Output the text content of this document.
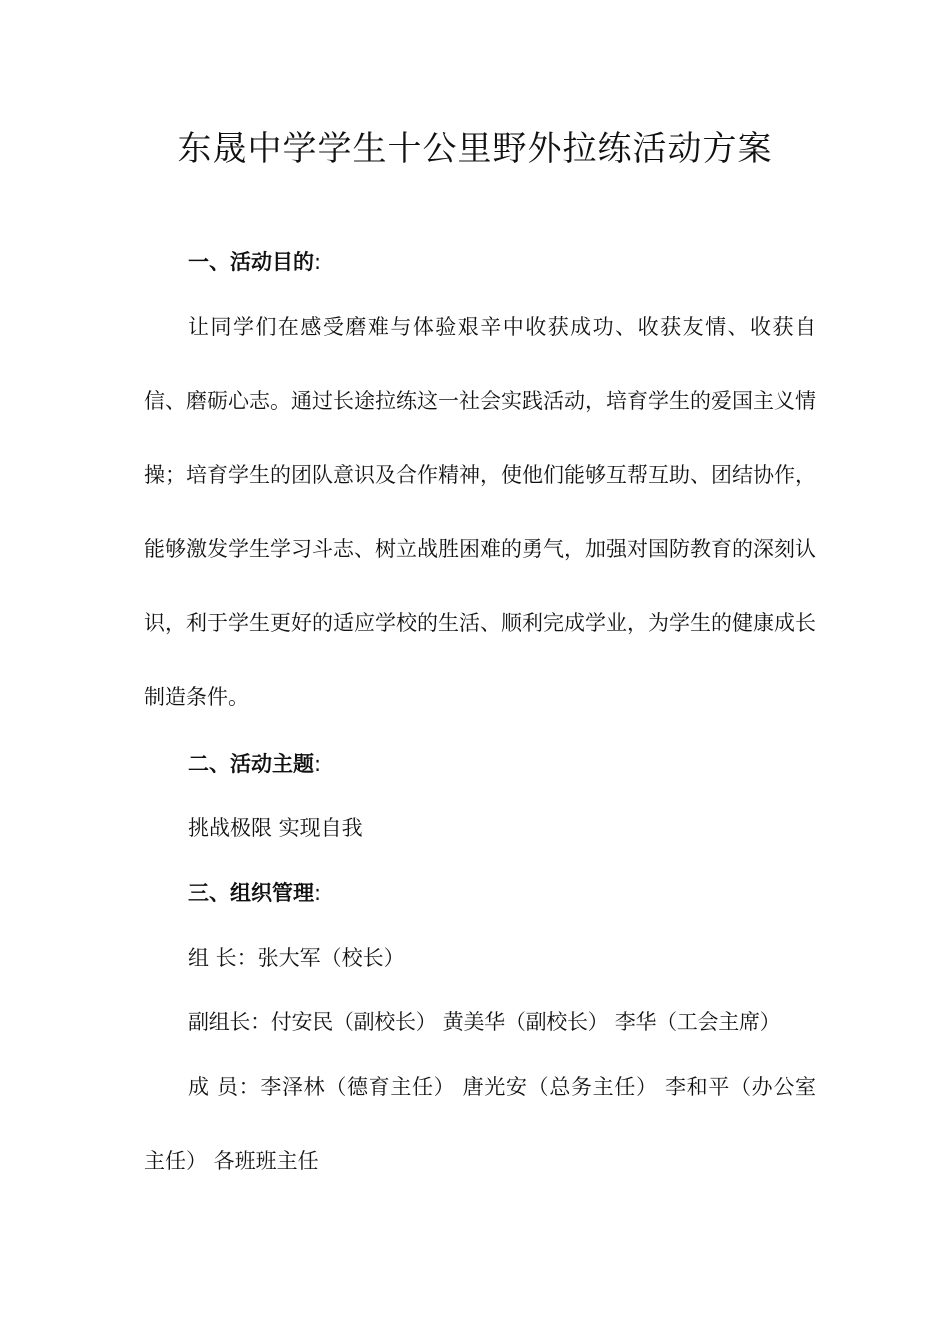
东晟中学学生十公里野外拉练活动方案

一、活动目的:

让同学们在感受磨难与体验艰辛中收获成功、收获友情、收获自信、磨砺心志。通过长途拉练这一社会实践活动，培育学生的爱国主义情操；培育学生的团队意识及合作精神，使他们能够互帮互助、团结协作，能够激发学生学习斗志、树立战胜困难的勇气，加强对国防教育的深刻认识，利于学生更好的适应学校的生活、顺利完成学业，为学生的健康成长制造条件。

二、活动主题:

挑战极限 实现自我

三、组织管理:

组 长：张大军（校长）

副组长：付安民（副校长） 黄美华（副校长） 李华（工会主席）

成 员：李泽林（德育主任） 唐光安（总务主任） 李和平（办公室主任） 各班班主任
